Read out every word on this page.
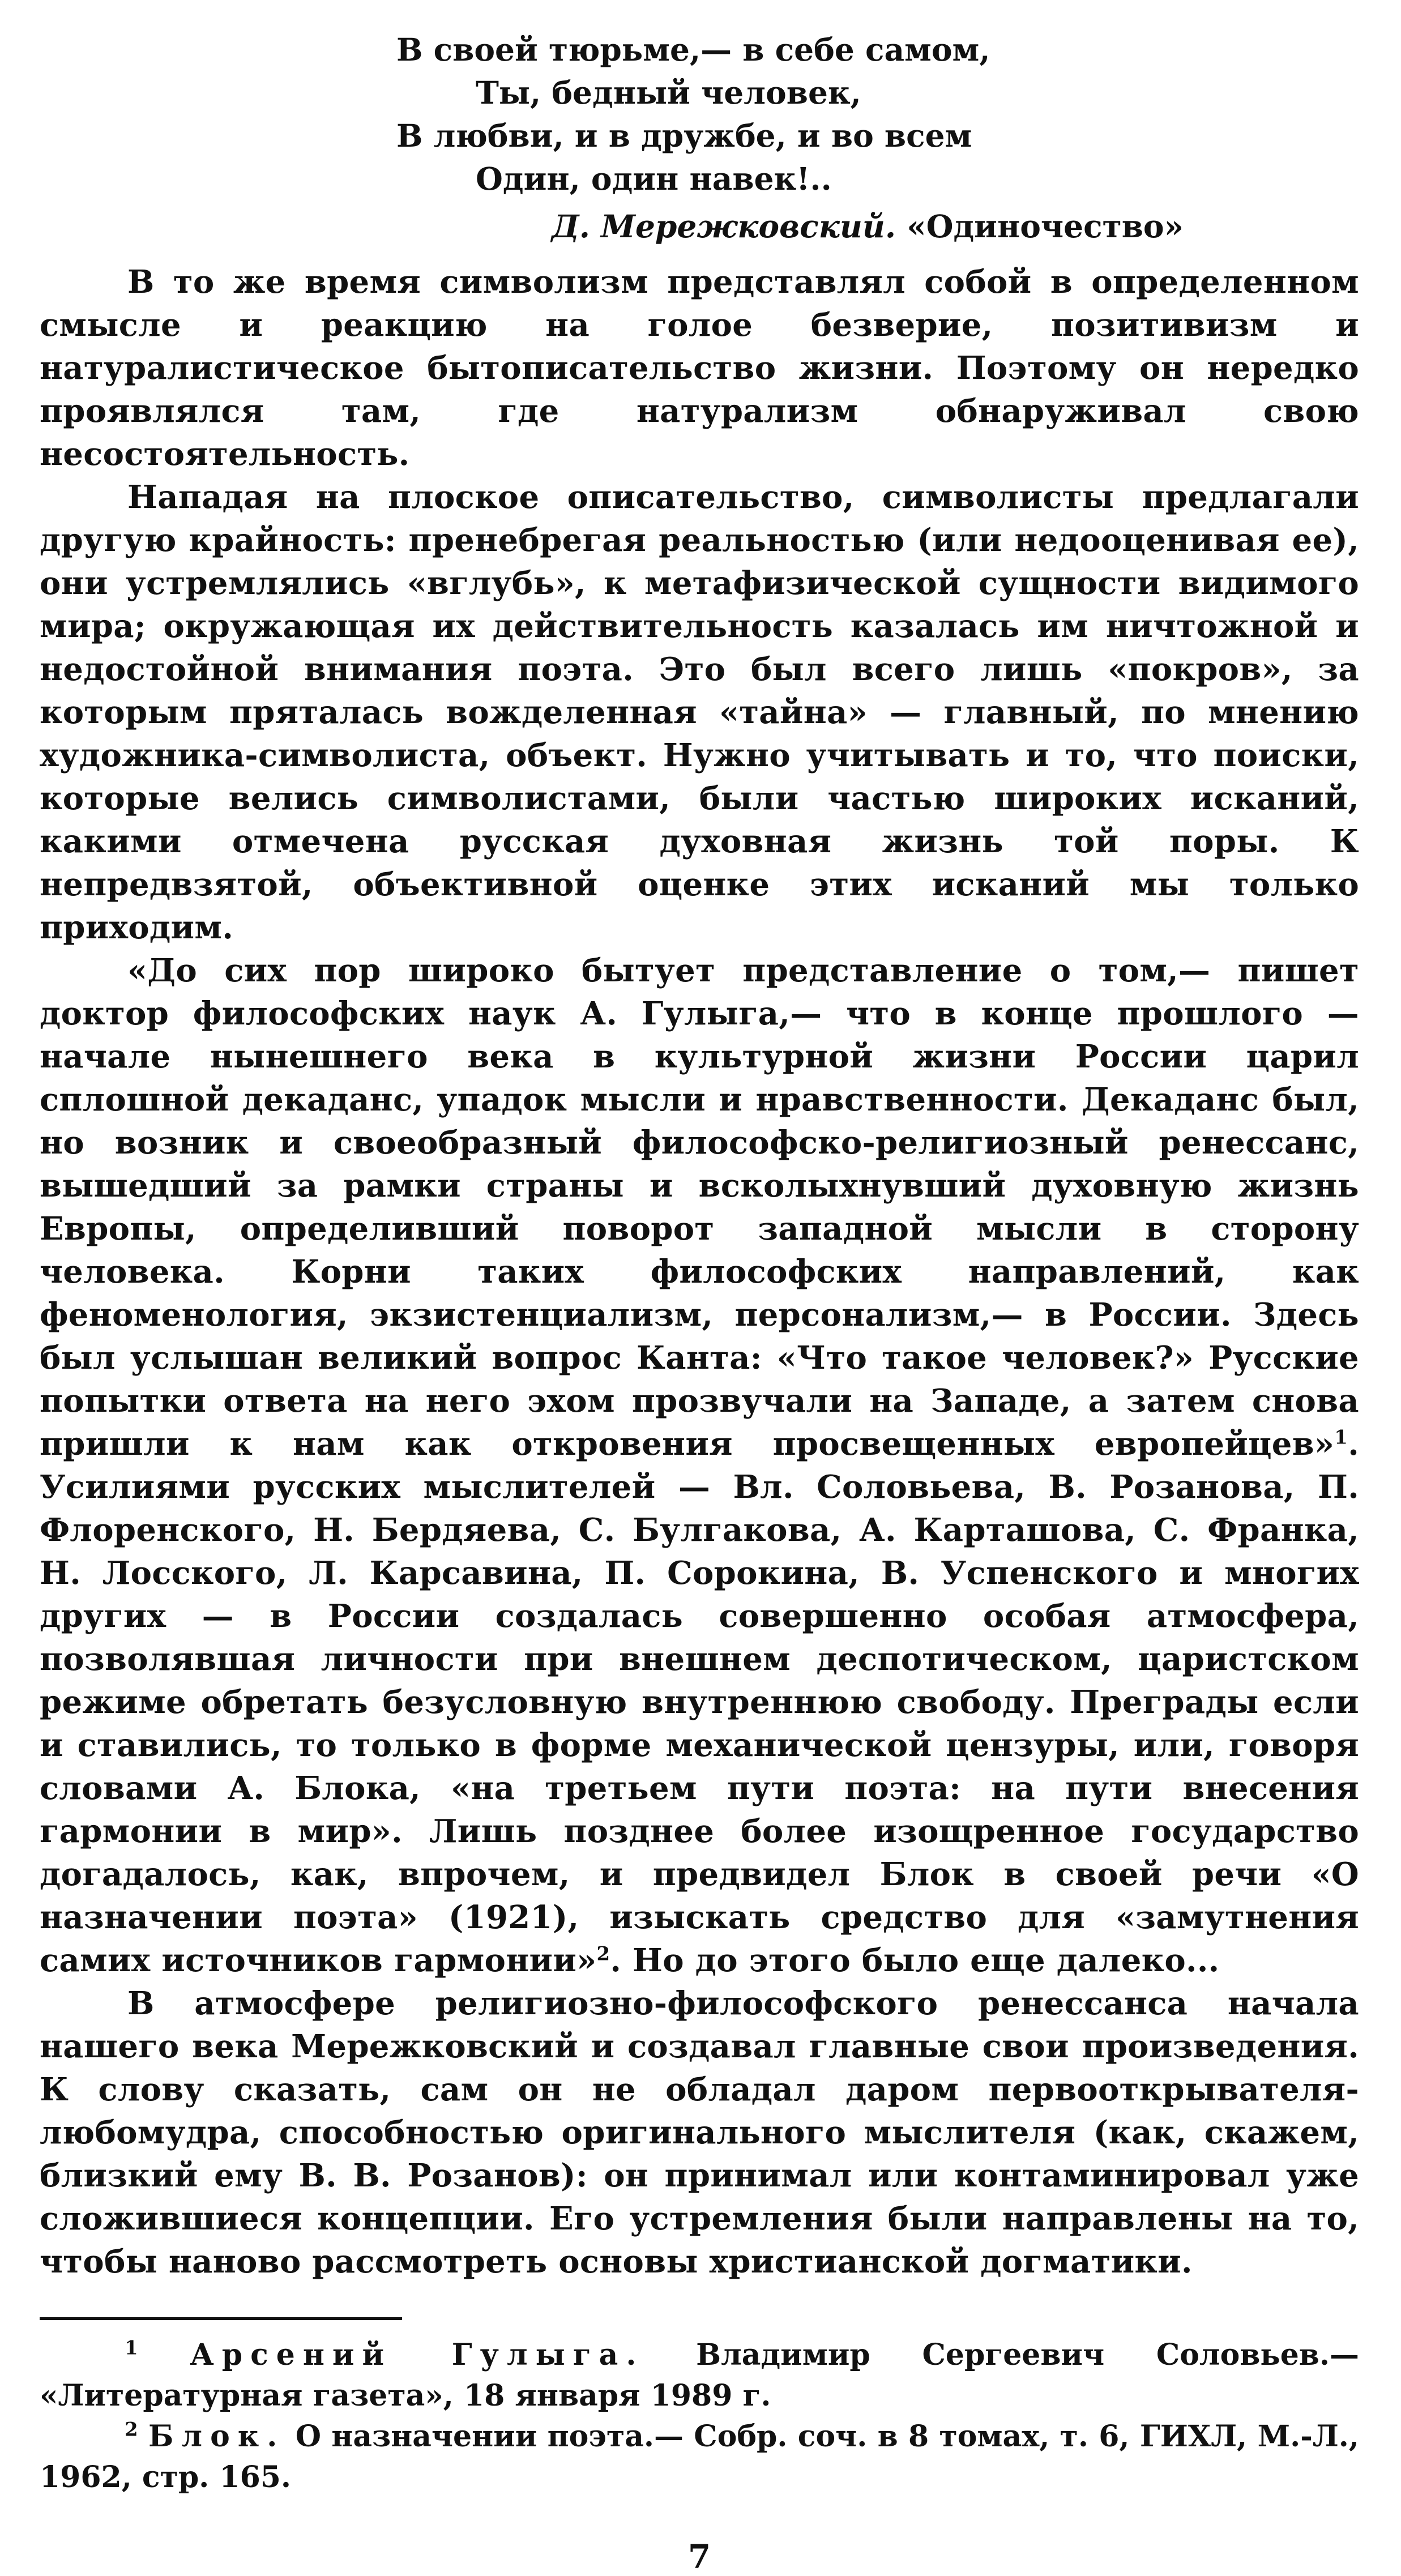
В своей тюрьме,— в себе самом,
Ты, бедный человек,
В любви, и в дружбе, и во всем
Один, один навек!..
Д. Мережковский. «Одиночество»

В то же время символизм представлял собой в определенном смысле и реакцию на голое безверие, позитивизм и натуралистическое бытописательство жизни. Поэтому он нередко проявлялся там, где натурализм обнаруживал свою несостоятельность.

Нападая на плоское описательство, символисты предлагали другую крайность: пренебрегая реальностью (или недооценивая ее), они устремлялись «вглубь», к метафизической сущности видимого мира; окружающая их действительность казалась им ничтожной и недостойной внимания поэта. Это был всего лишь «покров», за которым пряталась вожделенная «тайна» — главный, по мнению художника-символиста, объект. Нужно учитывать и то, что поиски, которые велись символистами, были частью широких исканий, какими отмечена русская духовная жизнь той поры. К непредвзятой, объективной оценке этих исканий мы только приходим.

«До сих пор широко бытует представление о том,— пишет доктор философских наук А. Гулыга,— что в конце прошлого — начале нынешнего века в культурной жизни России царил сплошной декаданс, упадок мысли и нравственности. Декаданс был, но возник и своеобразный философско-религиозный ренессанс, вышедший за рамки страны и всколыхнувший духовную жизнь Европы, определивший поворот западной мысли в сторону человека. Корни таких философских направлений, как феноменология, экзистенциализм, персонализм,— в России. Здесь был услышан великий вопрос Канта: «Что такое человек?» Русские попытки ответа на него эхом прозвучали на Западе, а затем снова пришли к нам как откровения просвещенных европейцев»$^1$. Усилиями русских мыслителей — Вл. Соловьева, В. Розанова, П. Флоренского, Н. Бердяева, С. Булгакова, А. Карташова, С. Франка, Н. Лосского, Л. Карсавина, П. Сорокина, В. Успенского и многих других — в России создалась совершенно особая атмосфера, позволявшая личности при внешнем деспотическом, царистском режиме обретать безусловную внутреннюю свободу. Преграды если и ставились, то только в форме механической цензуры, или, говоря словами А. Блока, «на третьем пути поэта: на пути внесения гармонии в мир». Лишь позднее более изощренное государство догадалось, как, впрочем, и предвидел Блок в своей речи «О назначении поэта» (1921), изыскать средство для «замутнения самих источников гармонии»$^2$. Но до этого было еще далеко...

В атмосфере религиозно-философского ренессанса начала нашего века Мережковский и создавал главные свои произведения. К слову сказать, сам он не обладал даром первооткрывателя-любомудра, способностью оригинального мыслителя (как, скажем, близкий ему В. В. Розанов): он принимал или контаминировал уже сложившиеся концепции. Его устремления были направлены на то, чтобы наново рассмотреть основы христианской догматики.

$^1$ Арсений Гулыга. Владимир Сергеевич Соловьев.— «Литературная газета», 18 января 1989 г.

$^2$ Блок. О назначении поэта.— Собр. соч. в 8 томах, т. 6, ГИХЛ, М.-Л., 1962, стр. 165.

7
